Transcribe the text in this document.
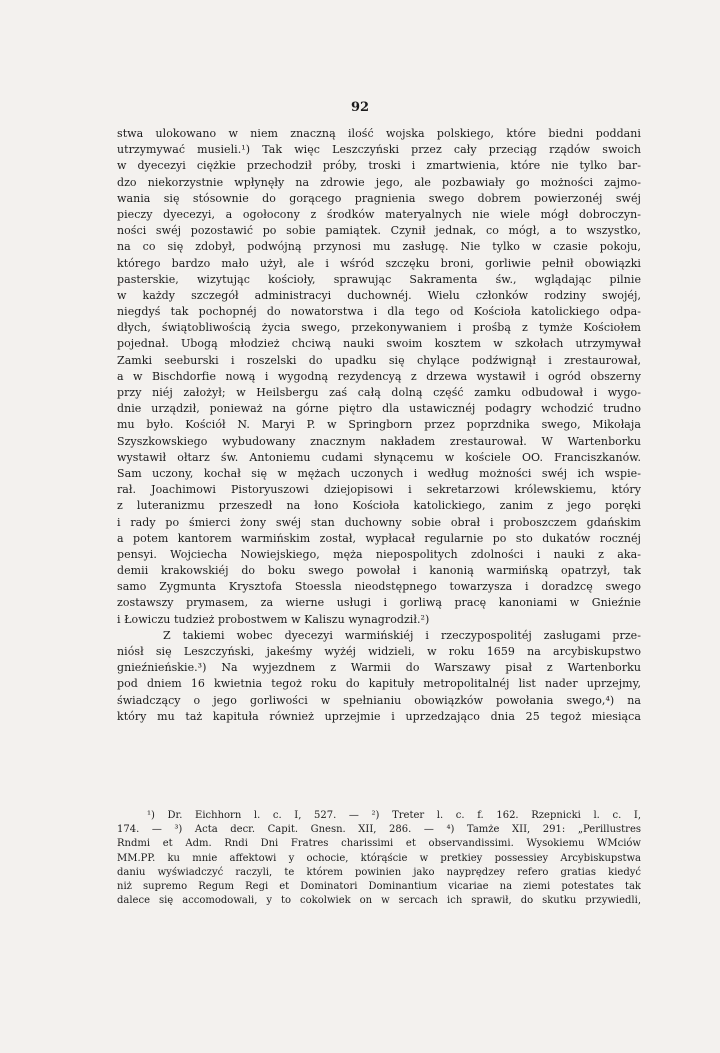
92
stwa ulokowano w niem znaczną ilość wojska polskiego, które biedni poddani
utrzymywać musieli.¹) Tak więc Leszczyński przez cały przeciąg rządów swoich
w dyecezyi ciężkie przechodził próby, troski i zmartwienia, które nie tylko bar-
dzo niekorzystnie wpłynęły na zdrowie jego, ale pozbawiały go możności zajmo-
wania się stósownie do gorącego pragnienia swego dobrem powierzonéj swéj
pieczy dyecezyi, a ogołocony z środków materyalnych nie wiele mógł dobroczyn-
ności swéj pozostawić po sobie pamiątek. Czynił jednak, co mógł, a to wszystko,
na co się zdobył, podwójną przynosi mu zasługę. Nie tylko w czasie pokoju,
którego bardzo mało użył, ale i wśród szczęku broni, gorliwie pełnił obowiązki
pasterskie, wizytując kościoły, sprawując Sakramenta św., wglądając pilnie
w każdy szczegół administracyi duchownéj. Wielu członków rodziny swojéj,
niegdyś tak pochopnéj do nowatorstwa i dla tego od Kościoła katolickiego odpa-
dłych, świątobliwością życia swego, przekonywaniem i prośbą z tymże Kościołem
pojednał. Ubogą młodzież chciwą nauki swoim kosztem w szkołach utrzymywał
Zamki seeburski i roszelski do upadku się chylące podźwignął i zrestaurował,
a w Bischdorfie nową i wygodną rezydencyą z drzewa wystawił i ogród obszerny
przy niéj założył; w Heilsbergu zaś całą dolną część zamku odbudował i wygo-
dnie urządził, ponieważ na górne piętro dla ustawicznéj podagry wchodzić trudno
mu było. Kościół N. Maryi P. w Springborn przez poprzdnika swego, Mikołaja
Szyszkowskiego wybudowany znacznym nakładem zrestaurował. W Wartenborku
wystawił ołtarz św. Antoniemu cudami słynącemu w kościele OO. Franciszkanów.
Sam uczony, kochał się w mężach uczonych i według możności swéj ich wspie-
rał. Joachimowi Pistoryuszowi dziejopisowi i sekretarzowi królewskiemu, który
z luteranizmu przeszedł na łono Kościoła katolickiego, zanim z jego poręki
i rady po śmierci żony swéj stan duchowny sobie obrał i proboszczem gdańskim
a potem kantorem warmińskim został, wypłacał regularnie po sto dukatów rocznéj
pensyi. Wojciecha Nowiejskiego, męża niepospolitych zdolności i nauki z aka-
demii krakowskiéj do boku swego powołał i kanonią warmińską opatrzył, tak
samo Zygmunta Krysztofa Stoessla nieodstępnego towarzysza i doradzcę swego
zostawszy prymasem, za wierne usługi i gorliwą pracę kanoniami w Gnieźnie
i Łowiczu tudzież probostwem w Kaliszu wynagrodził.²)
Z takiemi wobec dyecezyi warmińskiéj i rzeczypospolitéj zasługami prze-
niósł się Leszczyński, jakeśmy wyżéj widzieli, w roku 1659 na arcybiskupstwo
gnieźnieńskie.³) Na wyjezdnem z Warmii do Warszawy pisał z Wartenborku
pod dniem 16 kwietnia tegoż roku do kapituły metropolitalnéj list nader uprzejmy,
świadczący o jego gorliwości w spełnianiu obowiązków powołania swego,⁴) na
który mu taż kapituła również uprzejmie i uprzedzająco dnia 25 tegoż miesiąca
¹) Dr. Eichhorn l. c. I, 527. — ²) Treter l. c. f. 162. Rzepnicki l. c. I,
174. — ³) Acta decr. Capit. Gnesn. XII, 286. — ⁴) Tamże XII, 291: „Perillustres
Rndmi et Adm. Rndi Dni Fratres charissimi et observandissimi. Wysokiemu WMciów
MM.PP. ku mnie affektowi y ochocie, którąście w pretkiey possessiey Arcybiskupstwa
daniu wyświadczyć raczyli, te którem powinien jako nayprędzey refero gratias kiedyć
niż supremo Regum Regi et Dominatori Dominantium vicariae na ziemi potestates tak
dalece się accomodowali, y to cokolwiek on w sercach ich sprawił, do skutku przywiedli,
